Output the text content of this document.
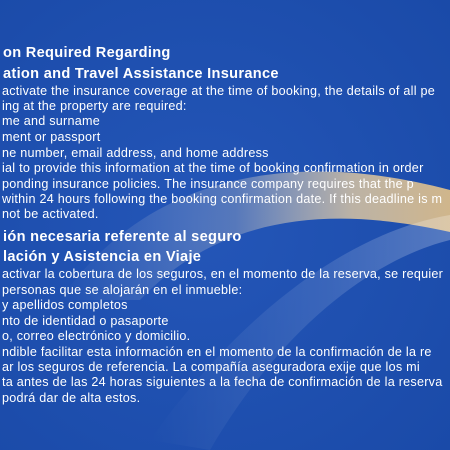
on Required Regarding
ation and Travel Assistance Insurance
activate the insurance coverage at the time of booking, the details of all pe
ing at the property are required:
me and surname
ment or passport
ne number, email address, and home address
ial to provide this information at the time of booking confirmation in order
ponding insurance policies. The insurance company requires that the p
within 24 hours following the booking confirmation date. If this deadline is m
not be activated.
ión necesaria referente al seguro
lación y Asistencia en Viaje
activar la cobertura de los seguros, en el momento de la reserva, se requier
personas que se alojarán en el inmueble:
y apellidos completos
nto de identidad o pasaporte
o, correo electrónico y domicilio.
ndible facilitar esta información en el momento de la confirmación de la re
ar los seguros de referencia. La compañía aseguradora exije que los mi
ta antes de las 24 horas siguientes a la fecha de confirmación de la reserva
podrá dar de alta estos.
